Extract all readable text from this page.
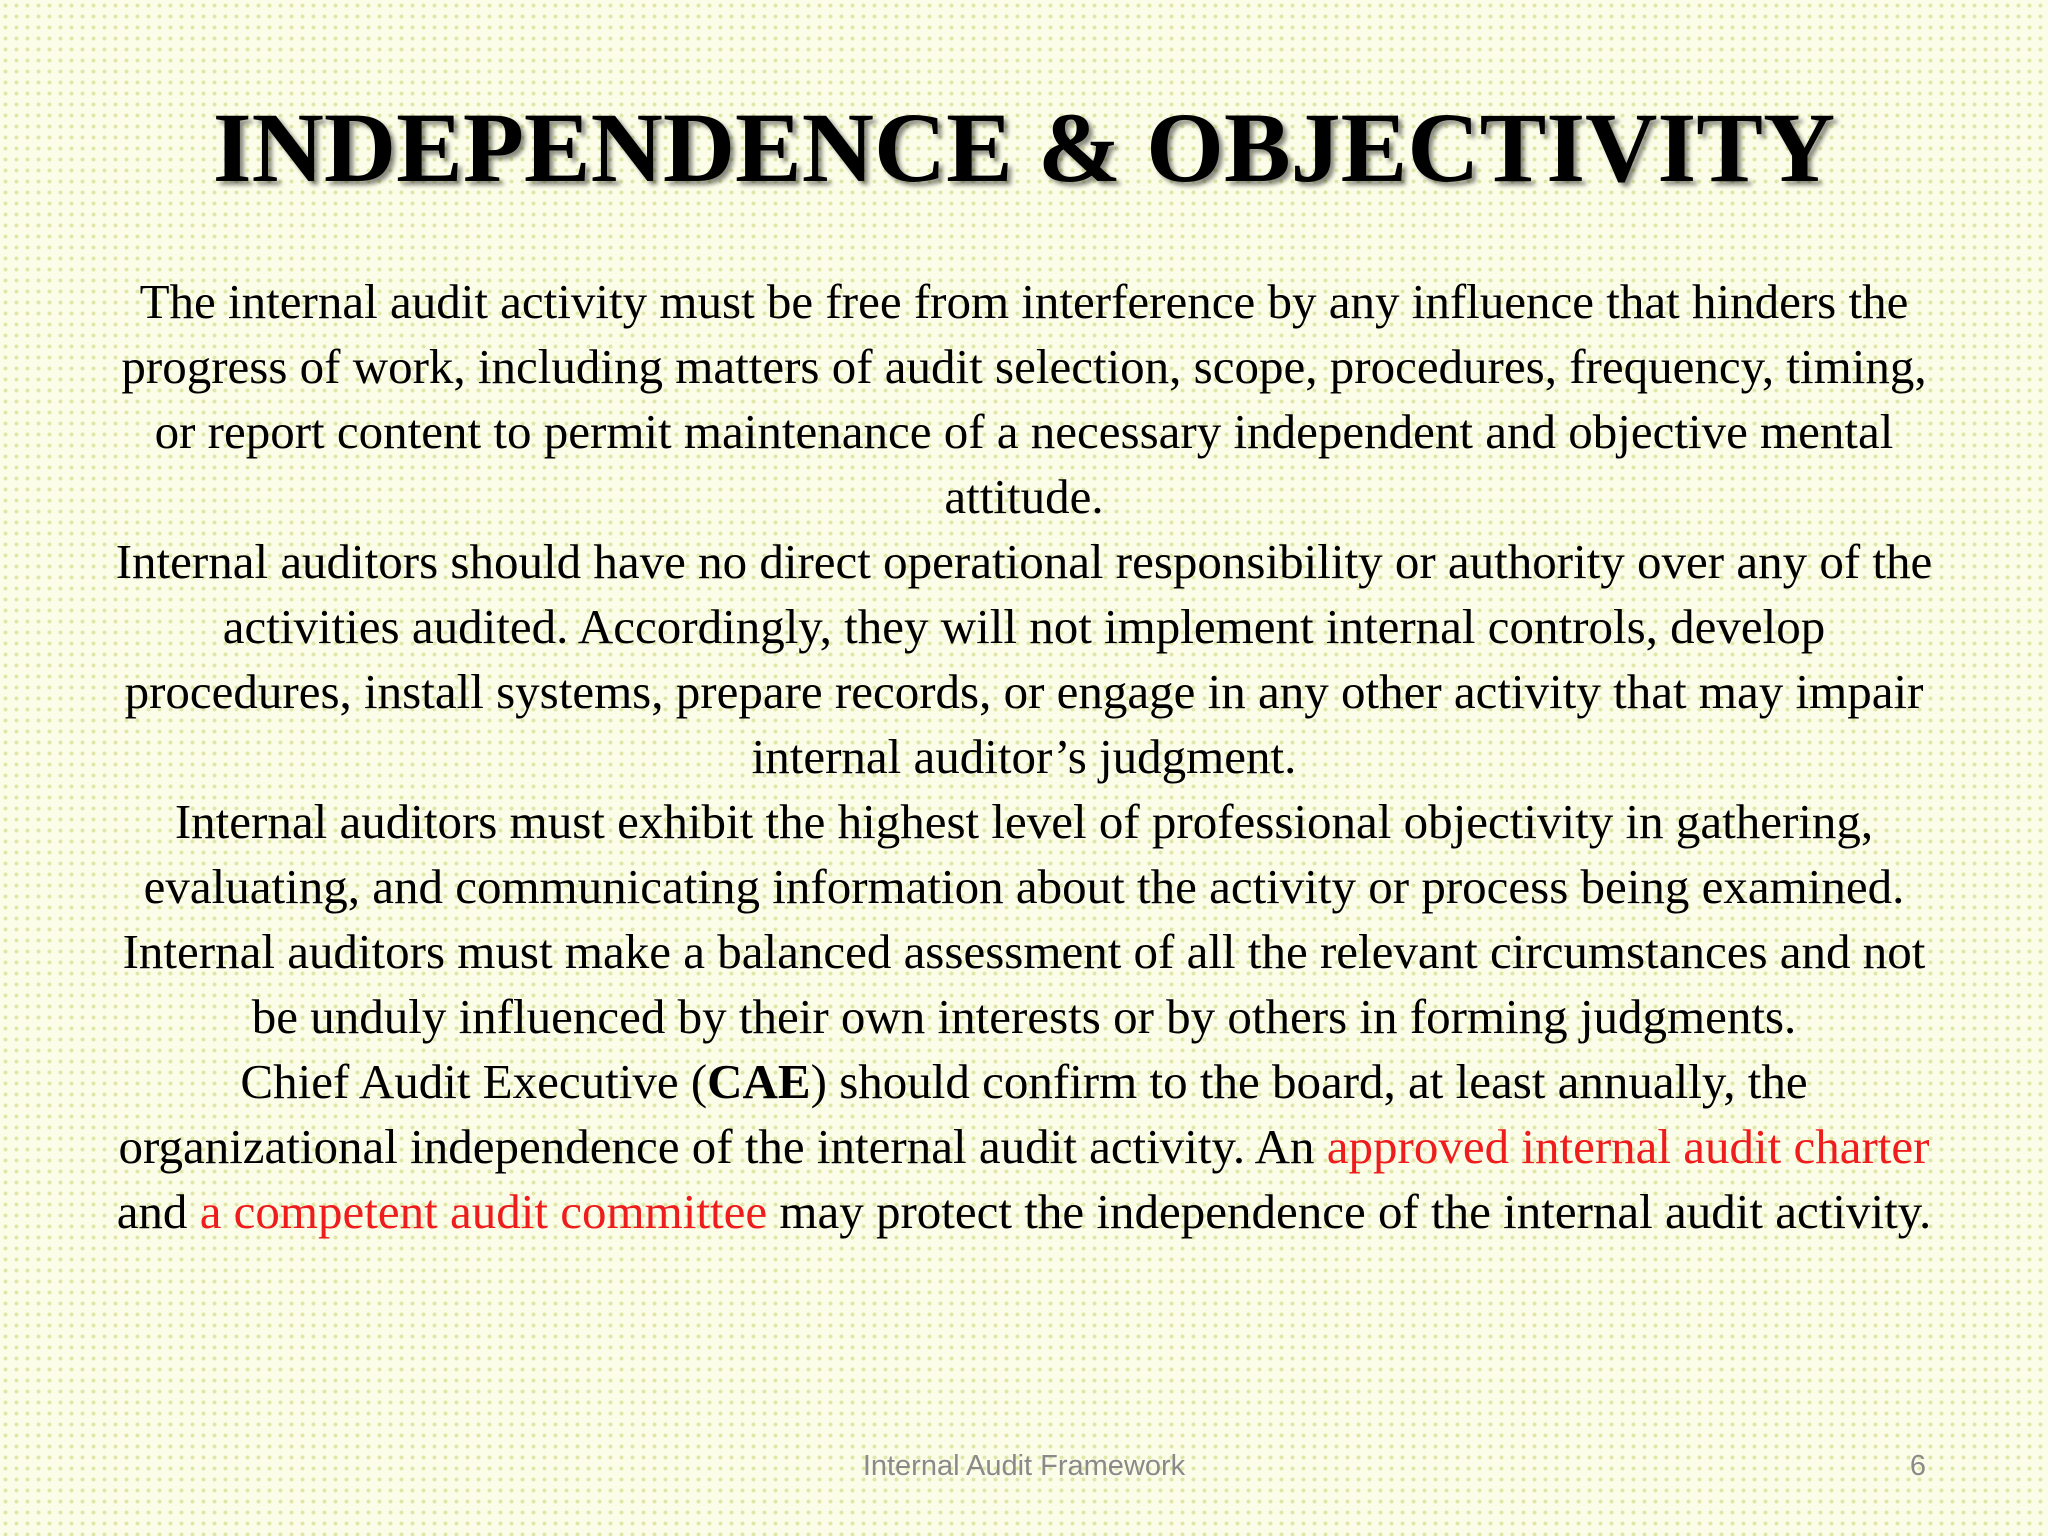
INDEPENDENCE & OBJECTIVITY

The internal audit activity must be free from interference by any influence that hinders the progress of work, including matters of audit selection, scope, procedures, frequency, timing, or report content to permit maintenance of a necessary independent and objective mental attitude.

Internal auditors should have no direct operational responsibility or authority over any of the activities audited. Accordingly, they will not implement internal controls, develop procedures, install systems, prepare records, or engage in any other activity that may impair internal auditor’s judgment.

Internal auditors must exhibit the highest level of professional objectivity in gathering, evaluating, and communicating information about the activity or process being examined. Internal auditors must make a balanced assessment of all the relevant circumstances and not be unduly influenced by their own interests or by others in forming judgments.

Chief Audit Executive (CAE) should confirm to the board, at least annually, the organizational independence of the internal audit activity. An approved internal audit charter and a competent audit committee may protect the independence of the internal audit activity.

Internal Audit Framework	6
